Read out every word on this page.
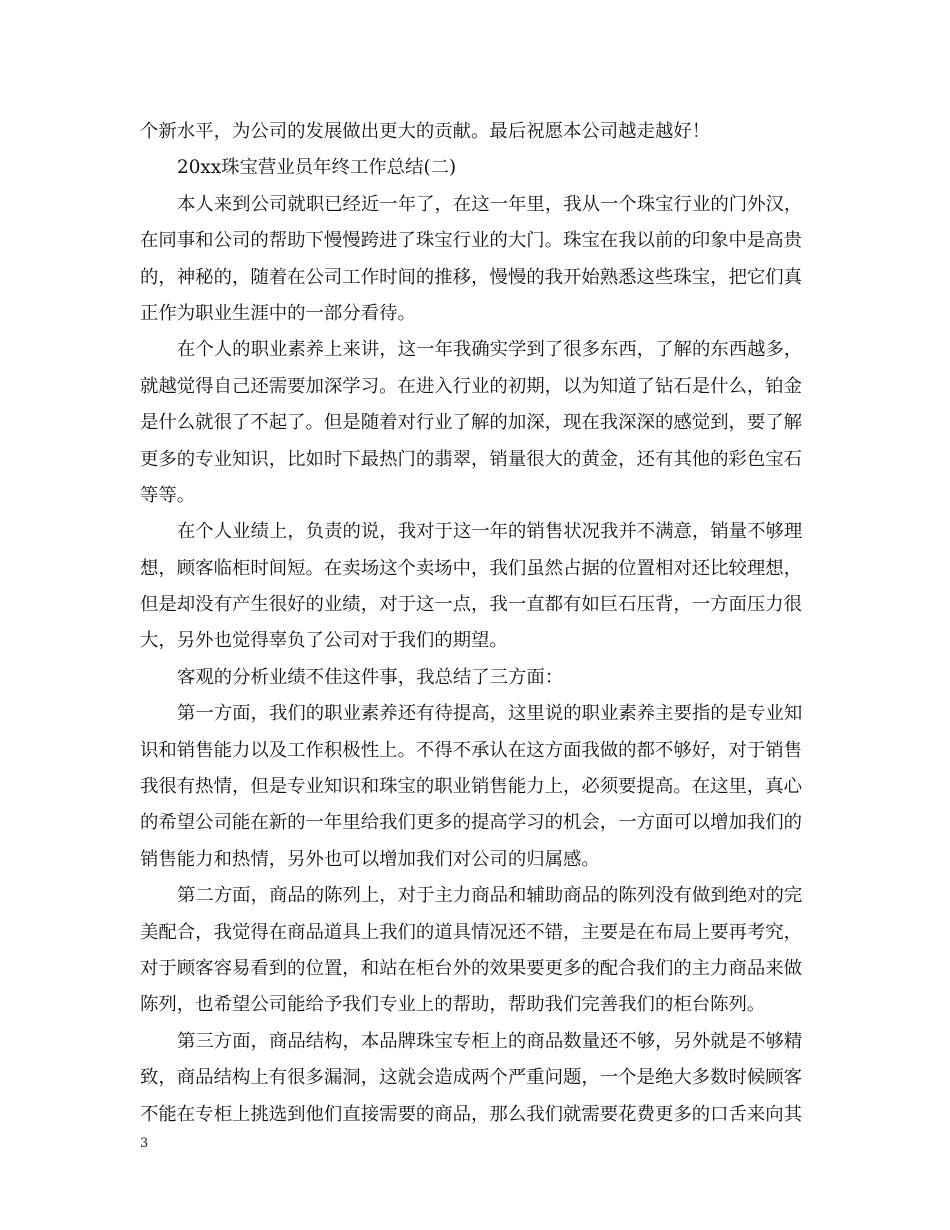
个新水平，为公司的发展做出更大的贡献。最后祝愿本公司越走越好！
20xx珠宝营业员年终工作总结(二)
本人来到公司就职已经近一年了，在这一年里，我从一个珠宝行业的门外汉，
在同事和公司的帮助下慢慢跨进了珠宝行业的大门。珠宝在我以前的印象中是高贵
的，神秘的，随着在公司工作时间的推移，慢慢的我开始熟悉这些珠宝，把它们真
正作为职业生涯中的一部分看待。
在个人的职业素养上来讲，这一年我确实学到了很多东西，了解的东西越多，
就越觉得自己还需要加深学习。在进入行业的初期，以为知道了钻石是什么，铂金
是什么就很了不起了。但是随着对行业了解的加深，现在我深深的感觉到，要了解
更多的专业知识，比如时下最热门的翡翠，销量很大的黄金，还有其他的彩色宝石
等等。
在个人业绩上，负责的说，我对于这一年的销售状况我并不满意，销量不够理
想，顾客临柜时间短。在卖场这个卖场中，我们虽然占据的位置相对还比较理想，
但是却没有产生很好的业绩，对于这一点，我一直都有如巨石压背，一方面压力很
大，另外也觉得辜负了公司对于我们的期望。
客观的分析业绩不佳这件事，我总结了三方面：
第一方面，我们的职业素养还有待提高，这里说的职业素养主要指的是专业知
识和销售能力以及工作积极性上。不得不承认在这方面我做的都不够好，对于销售
我很有热情，但是专业知识和珠宝的职业销售能力上，必须要提高。在这里，真心
的希望公司能在新的一年里给我们更多的提高学习的机会，一方面可以增加我们的
销售能力和热情，另外也可以增加我们对公司的归属感。
第二方面，商品的陈列上，对于主力商品和辅助商品的陈列没有做到绝对的完
美配合，我觉得在商品道具上我们的道具情况还不错，主要是在布局上要再考究，
对于顾客容易看到的位置，和站在柜台外的效果要更多的配合我们的主力商品来做
陈列，也希望公司能给予我们专业上的帮助，帮助我们完善我们的柜台陈列。
第三方面，商品结构，本品牌珠宝专柜上的商品数量还不够，另外就是不够精
致，商品结构上有很多漏洞，这就会造成两个严重问题，一个是绝大多数时候顾客
不能在专柜上挑选到他们直接需要的商品，那么我们就需要花费更多的口舌来向其
3
